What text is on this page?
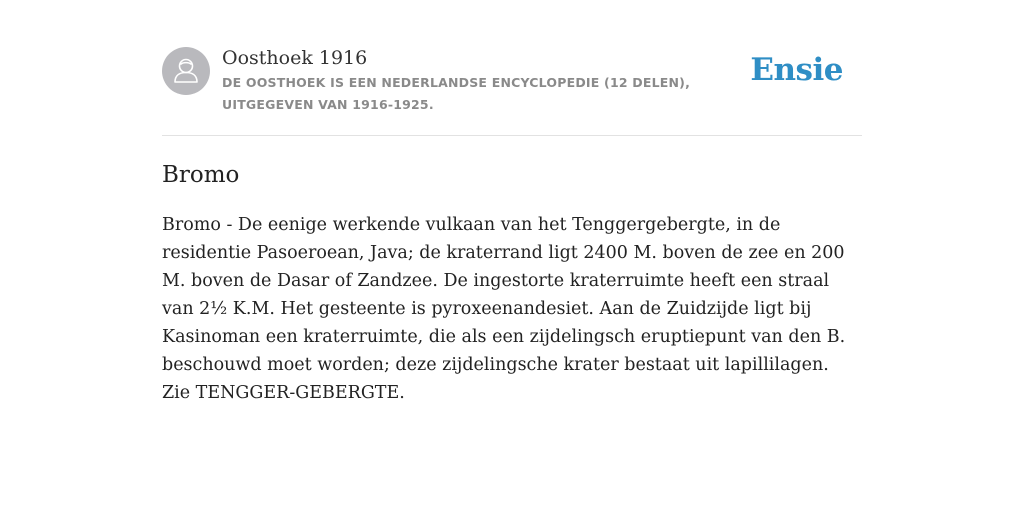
Oosthoek 1916
DE OOSTHOEK IS EEN NEDERLANDSE ENCYCLOPEDIE (12 DELEN), UITGEGEVEN VAN 1916-1925.
Ensie
Bromo

Bromo - De eenige werkende vulkaan van het Tenggergebergte, in de residentie Pasoeroean, Java; de kraterrand ligt 2400 M. boven de zee en 200 M. boven de Dasar of Zandzee. De ingestorte kraterruimte heeft een straal van 2½ K.M. Het gesteente is pyroxeenandesiet. Aan de Zuidzijde ligt bij Kasinoman een kraterruimte, die als een zijdelingsch eruptiepunt van den B. beschouwd moet worden; deze zijdelingsche krater bestaat uit lapillilagen. Zie TENGGER-GEBERGTE.
